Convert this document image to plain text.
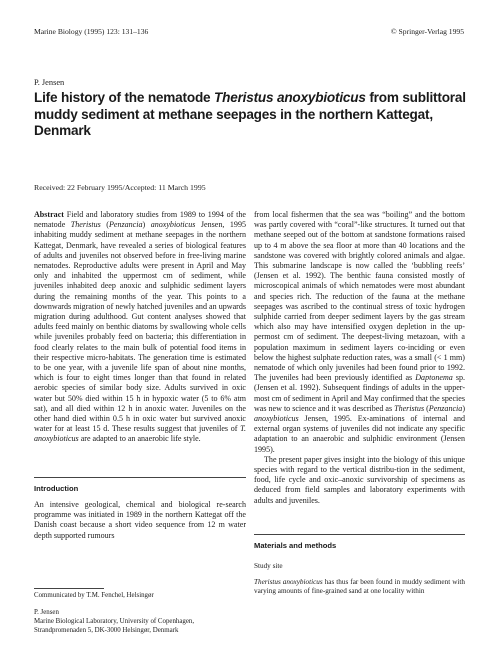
Marine Biology (1995) 123: 131–136	© Springer-Verlag 1995
P. Jensen
Life history of the nematode Theristus anoxybioticus from sublittoral muddy sediment at methane seepages in the northern Kattegat, Denmark
Received: 22 February 1995/Accepted: 11 March 1995

Abstract Field and laboratory studies from 1989 to 1994 of the nematode Theristus (Penzancia) anoxybioticus Jensen, 1995 inhabiting muddy sediment at methane seepages in the northern Kattegat, Denmark, have revealed a series of biological features of adults and juveniles not observed before in free-living marine nematodes. Reproductive adults were present in April and May only and inhabited the uppermost cm of sediment, while juveniles inhabited deep anoxic and sulphidic sediment layers during the remaining months of the year. This points to a downwards migration of newly hatched juveniles and an upwards migration during adulthood. Gut content analyses showed that adults feed mainly on benthic diatoms by swallowing whole cells while juveniles probably feed on bacteria; this differentiation in food clearly relates to the main bulk of potential food items in their respective micro-habitats. The generation time is estimated to be one year, with a juvenile life span of about nine months, which is four to eight times longer than that found in related aerobic species of similar body size. Adults survived in oxic water but 50% died within 15 h in hypoxic water (5 to 6% atm sat), and all died within 12 h in anoxic water. Juveniles on the other hand died within 0.5 h in oxic water but survived anoxic water for at least 15 d. These results suggest that juveniles of T. anoxybioticus are adapted to an anaerobic life style.

Introduction

An intensive geological, chemical and biological re-search programme was initiated in 1989 in the northern Kattegat off the Danish coast because a short video sequence from 12 m water depth supported rumours

Communicated by T.M. Fenchel, Helsingør
P. Jensen
Marine Biological Laboratory, University of Copenhagen,
Strandpromenaden 5, DK-3000 Helsingør, Denmark

from local fishermen that the sea was “boiling” and the bottom was partly covered with “coral”-like structures. It turned out that methane seeped out of the bottom at sandstone formations raised up to 4 m above the sea floor at more than 40 locations and the sandstone was covered with brightly colored animals and algae. This submarine landscape is now called the ‘bubbling reefs’ (Jensen et al. 1992). The benthic fauna consisted mostly of microscopical animals of which nematodes were most abundant and species rich. The reduction of the fauna at the methane seepages was ascribed to the continual stress of toxic hydrogen sulphide carried from deeper sediment layers by the gas stream which also may have intensified oxygen depletion in the up-permost cm of sediment. The deepest-living metazoan, with a population maximum in sediment layers co-inciding or even below the highest sulphate reduction rates, was a small (< 1 mm) nematode of which only juveniles had been found prior to 1992. The juveniles had been previously identified as Daptonema sp. (Jensen et al. 1992). Subsequent findings of adults in the upper-most cm of sediment in April and May confirmed that the species was new to science and it was described as Theristus (Penzancia) anoxybioticus Jensen, 1995. Ex-aminations of internal and external organ systems of juveniles did not indicate any specific adaptation to an anaerobic and sulphidic environment (Jensen 1995).

The present paper gives insight into the biology of this unique species with regard to the vertical distribu-tion in the sediment, food, life cycle and oxic–anoxic survivorship of specimens as deduced from field samples and laboratory experiments with adults and juveniles.

Materials and methods
Study site

Theristus anoxybioticus has thus far been found in muddy sediment with varying amounts of fine-grained sand at one locality within
